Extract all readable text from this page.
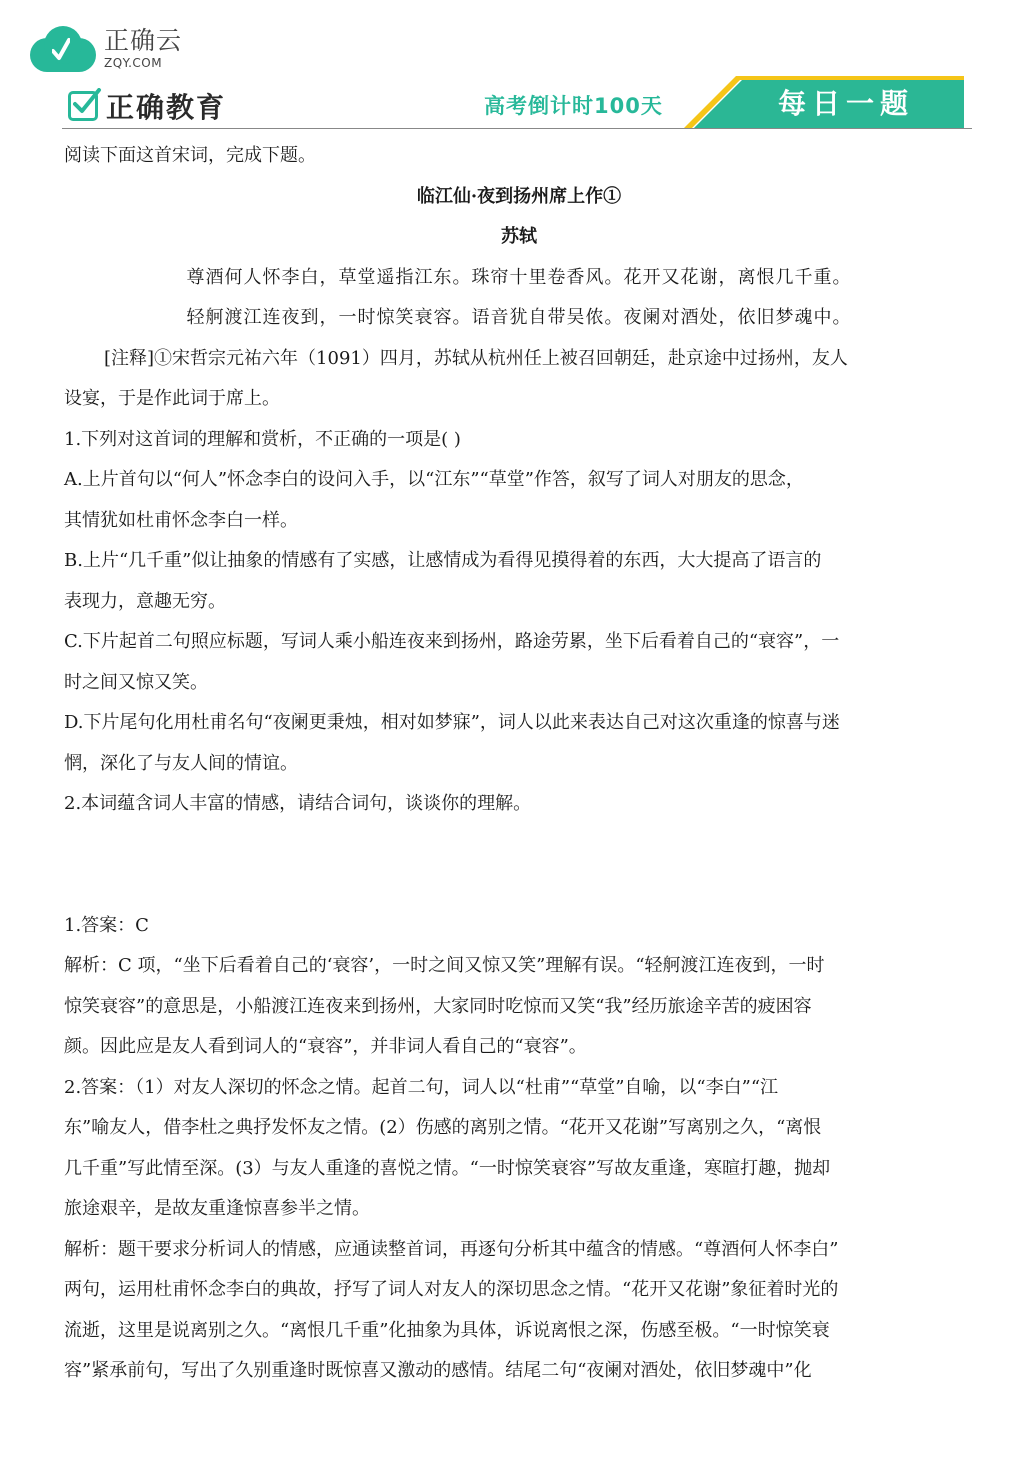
正确云
ZQY.COM
正确教育	高考倒计时100天	每日一题

阅读下面这首宋词，完成下题。

临江仙·夜到扬州席上作①

苏轼

尊酒何人怀李白，草堂遥指江东。珠帘十里卷香风。花开又花谢，离恨几千重。

轻舸渡江连夜到，一时惊笑衰容。语音犹自带吴侬。夜阑对酒处，依旧梦魂中。

[注释]①宋哲宗元祐六年（1091）四月，苏轼从杭州任上被召回朝廷，赴京途中过扬州，友人

设宴，于是作此词于席上。

1.下列对这首词的理解和赏析，不正确的一项是( )

A.上片首句以“何人”怀念李白的设问入手，以“江东”“草堂”作答，叙写了词人对朋友的思念，

其情犹如杜甫怀念李白一样。

B.上片“几千重”似让抽象的情感有了实感，让感情成为看得见摸得着的东西，大大提高了语言的

表现力，意趣无穷。

C.下片起首二句照应标题，写词人乘小船连夜来到扬州，路途劳累，坐下后看着自己的“衰容”，一

时之间又惊又笑。

D.下片尾句化用杜甫名句“夜阑更秉烛，相对如梦寐”，词人以此来表达自己对这次重逢的惊喜与迷

惘，深化了与友人间的情谊。

2.本词蕴含词人丰富的情感，请结合词句，谈谈你的理解。

1.答案：C

解析：C 项，“坐下后看着自己的‘衰容’，一时之间又惊又笑”理解有误。“轻舸渡江连夜到，一时

惊笑衰容”的意思是，小船渡江连夜来到扬州，大家同时吃惊而又笑“我”经历旅途辛苦的疲困容

颜。因此应是友人看到词人的“衰容”，并非词人看自己的“衰容”。

2.答案：（1）对友人深切的怀念之情。起首二句，词人以“杜甫”“草堂”自喻，以“李白”“江

东”喻友人，借李杜之典抒发怀友之情。(2）伤感的离别之情。“花开又花谢”写离别之久，“离恨

几千重”写此情至深。(3）与友人重逢的喜悦之情。“一时惊笑衰容”写故友重逢，寒暄打趣，抛却

旅途艰辛，是故友重逢惊喜参半之情。

解析：题干要求分析词人的情感，应通读整首词，再逐句分析其中蕴含的情感。“尊酒何人怀李白”

两句，运用杜甫怀念李白的典故，抒写了词人对友人的深切思念之情。“花开又花谢”象征着时光的

流逝，这里是说离别之久。“离恨几千重”化抽象为具体，诉说离恨之深，伤感至极。“一时惊笑衰

容”紧承前句，写出了久别重逢时既惊喜又激动的感情。结尾二句“夜阑对酒处，依旧梦魂中”化
